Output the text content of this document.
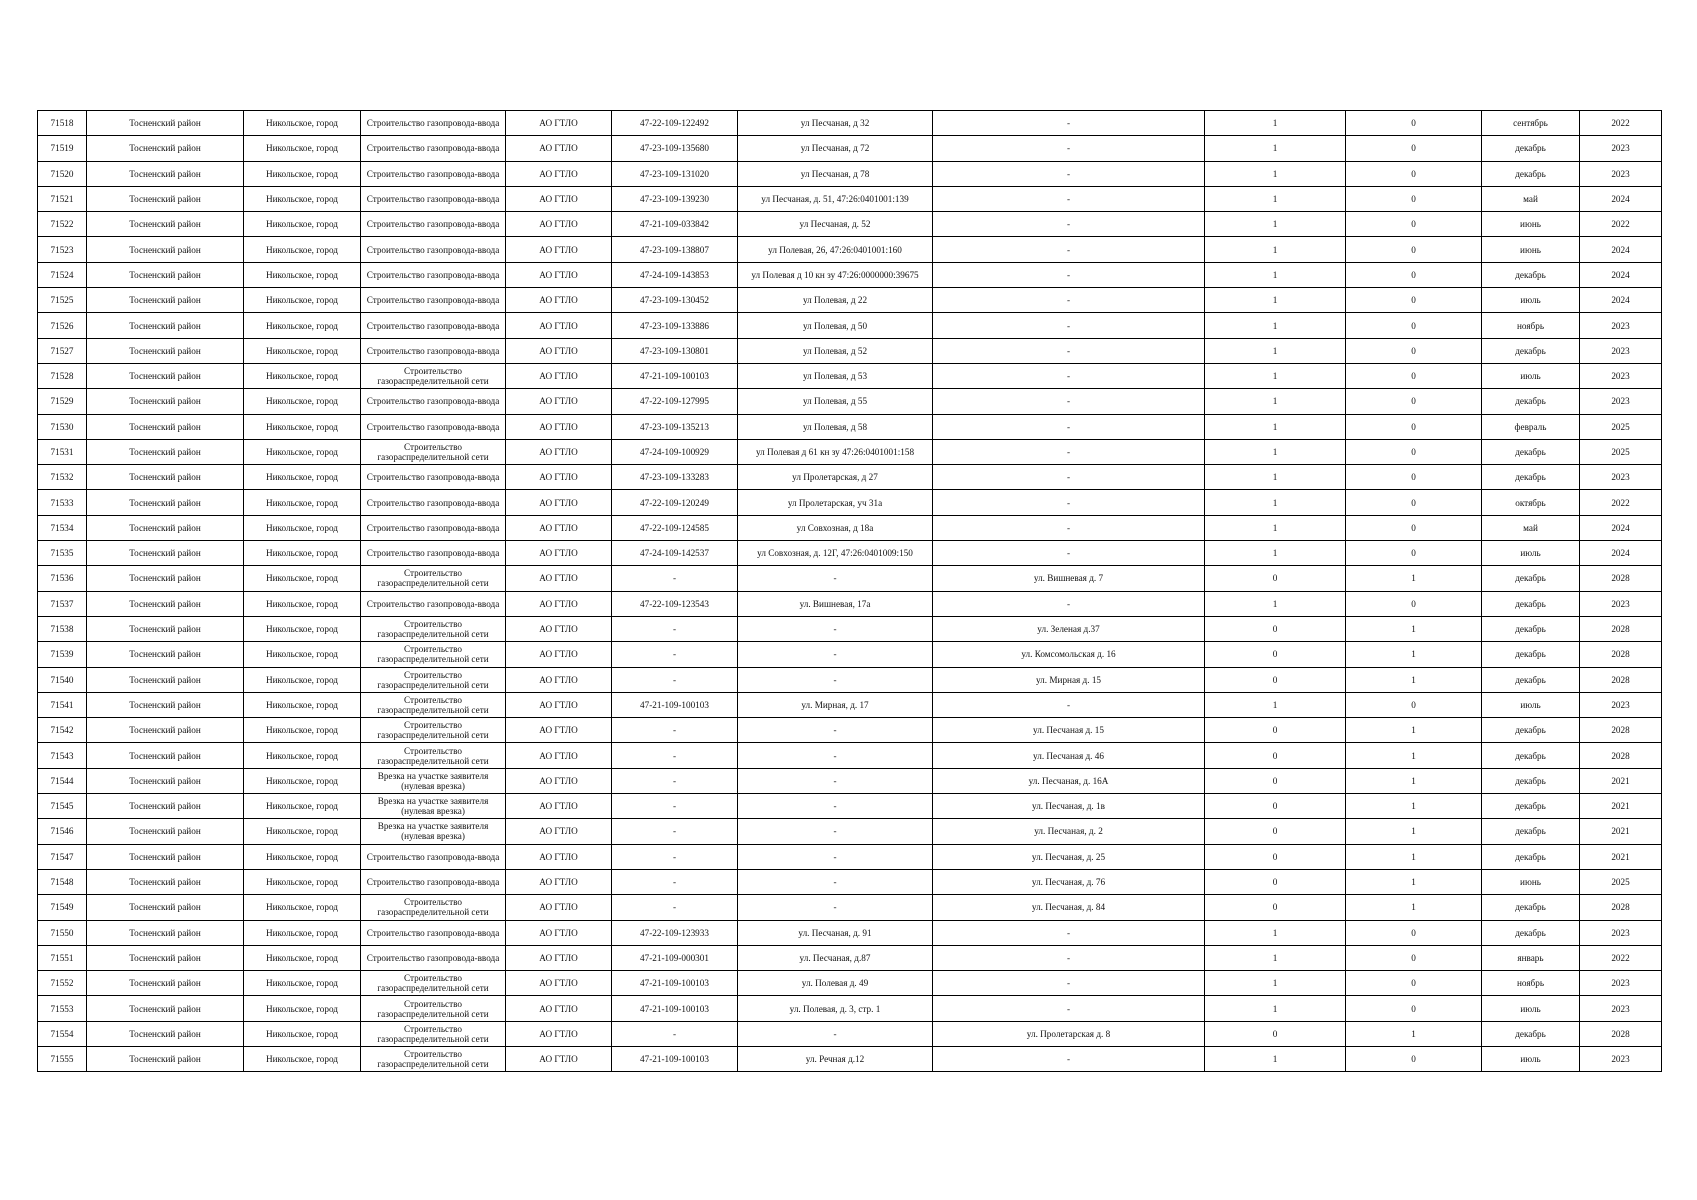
71518	Тосненский район	Никольское, город	Строительство газопровода-ввода	АО ГТЛО	47-22-109-122492	ул Песчаная, д 32	-	1	0	сентябрь	2022
71519	Тосненский район	Никольское, город	Строительство газопровода-ввода	АО ГТЛО	47-23-109-135680	ул Песчаная, д 72	-	1	0	декабрь	2023
71520	Тосненский район	Никольское, город	Строительство газопровода-ввода	АО ГТЛО	47-23-109-131020	ул Песчаная, д 78	-	1	0	декабрь	2023
71521	Тосненский район	Никольское, город	Строительство газопровода-ввода	АО ГТЛО	47-23-109-139230	ул Песчаная, д. 51, 47:26:0401001:139	-	1	0	май	2024
71522	Тосненский район	Никольское, город	Строительство газопровода-ввода	АО ГТЛО	47-21-109-033842	ул Песчаная, д. 52	-	1	0	июнь	2022
71523	Тосненский район	Никольское, город	Строительство газопровода-ввода	АО ГТЛО	47-23-109-138807	ул Полевая, 26, 47:26:0401001:160	-	1	0	июнь	2024
71524	Тосненский район	Никольское, город	Строительство газопровода-ввода	АО ГТЛО	47-24-109-143853	ул Полевая д 10 кн зу 47:26:0000000:39675	-	1	0	декабрь	2024
71525	Тосненский район	Никольское, город	Строительство газопровода-ввода	АО ГТЛО	47-23-109-130452	ул Полевая, д 22	-	1	0	июль	2024
71526	Тосненский район	Никольское, город	Строительство газопровода-ввода	АО ГТЛО	47-23-109-133886	ул Полевая, д 50	-	1	0	ноябрь	2023
71527	Тосненский район	Никольское, город	Строительство газопровода-ввода	АО ГТЛО	47-23-109-130801	ул Полевая, д 52	-	1	0	декабрь	2023
71528	Тосненский район	Никольское, город	Строительство газораспределительной сети	АО ГТЛО	47-21-109-100103	ул Полевая, д 53	-	1	0	июль	2023
71529	Тосненский район	Никольское, город	Строительство газопровода-ввода	АО ГТЛО	47-22-109-127995	ул Полевая, д 55	-	1	0	декабрь	2023
71530	Тосненский район	Никольское, город	Строительство газопровода-ввода	АО ГТЛО	47-23-109-135213	ул Полевая, д 58	-	1	0	февраль	2025
71531	Тосненский район	Никольское, город	Строительство газораспределительной сети	АО ГТЛО	47-24-109-100929	ул Полевая д 61 кн зу 47:26:0401001:158	-	1	0	декабрь	2025
71532	Тосненский район	Никольское, город	Строительство газопровода-ввода	АО ГТЛО	47-23-109-133283	ул Пролетарская, д 27	-	1	0	декабрь	2023
71533	Тосненский район	Никольское, город	Строительство газопровода-ввода	АО ГТЛО	47-22-109-120249	ул Пролетарская, уч 31а	-	1	0	октябрь	2022
71534	Тосненский район	Никольское, город	Строительство газопровода-ввода	АО ГТЛО	47-22-109-124585	ул Совхозная, д 18а	-	1	0	май	2024
71535	Тосненский район	Никольское, город	Строительство газопровода-ввода	АО ГТЛО	47-24-109-142537	ул Совхозная, д. 12Г, 47:26:0401009:150	-	1	0	июль	2024
71536	Тосненский район	Никольское, город	Строительство газораспределительной сети	АО ГТЛО	-	-	ул. Вишневая д. 7	0	1	декабрь	2028
71537	Тосненский район	Никольское, город	Строительство газопровода-ввода	АО ГТЛО	47-22-109-123543	ул. Вишневая, 17а	-	1	0	декабрь	2023
71538	Тосненский район	Никольское, город	Строительство газораспределительной сети	АО ГТЛО	-	-	ул. Зеленая д.37	0	1	декабрь	2028
71539	Тосненский район	Никольское, город	Строительство газораспределительной сети	АО ГТЛО	-	-	ул. Комсомольская д. 16	0	1	декабрь	2028
71540	Тосненский район	Никольское, город	Строительство газораспределительной сети	АО ГТЛО	-	-	ул. Мирная д. 15	0	1	декабрь	2028
71541	Тосненский район	Никольское, город	Строительство газораспределительной сети	АО ГТЛО	47-21-109-100103	ул. Мирная, д. 17	-	1	0	июль	2023
71542	Тосненский район	Никольское, город	Строительство газораспределительной сети	АО ГТЛО	-	-	ул. Песчаная д. 15	0	1	декабрь	2028
71543	Тосненский район	Никольское, город	Строительство газораспределительной сети	АО ГТЛО	-	-	ул. Песчаная д. 46	0	1	декабрь	2028
71544	Тосненский район	Никольское, город	Врезка на участке заявителя (нулевая врезка)	АО ГТЛО	-	-	ул. Песчаная, д. 16А	0	1	декабрь	2021
71545	Тосненский район	Никольское, город	Врезка на участке заявителя (нулевая врезка)	АО ГТЛО	-	-	ул. Песчаная, д. 1в	0	1	декабрь	2021
71546	Тосненский район	Никольское, город	Врезка на участке заявителя (нулевая врезка)	АО ГТЛО	-	-	ул. Песчаная, д. 2	0	1	декабрь	2021
71547	Тосненский район	Никольское, город	Строительство газопровода-ввода	АО ГТЛО	-	-	ул. Песчаная, д. 25	0	1	декабрь	2021
71548	Тосненский район	Никольское, город	Строительство газопровода-ввода	АО ГТЛО	-	-	ул. Песчаная, д. 76	0	1	июнь	2025
71549	Тосненский район	Никольское, город	Строительство газораспределительной сети	АО ГТЛО	-	-	ул. Песчаная, д. 84	0	1	декабрь	2028
71550	Тосненский район	Никольское, город	Строительство газопровода-ввода	АО ГТЛО	47-22-109-123933	ул. Песчаная, д. 91	-	1	0	декабрь	2023
71551	Тосненский район	Никольское, город	Строительство газопровода-ввода	АО ГТЛО	47-21-109-000301	ул. Песчаная, д.87	-	1	0	январь	2022
71552	Тосненский район	Никольское, город	Строительство газораспределительной сети	АО ГТЛО	47-21-109-100103	ул. Полевая д. 49	-	1	0	ноябрь	2023
71553	Тосненский район	Никольское, город	Строительство газораспределительной сети	АО ГТЛО	47-21-109-100103	ул. Полевая, д. 3, стр. 1	-	1	0	июль	2023
71554	Тосненский район	Никольское, город	Строительство газораспределительной сети	АО ГТЛО	-	-	ул. Пролетарская д. 8	0	1	декабрь	2028
71555	Тосненский район	Никольское, город	Строительство газораспределительной сети	АО ГТЛО	47-21-109-100103	ул. Речная д.12	-	1	0	июль	2023
